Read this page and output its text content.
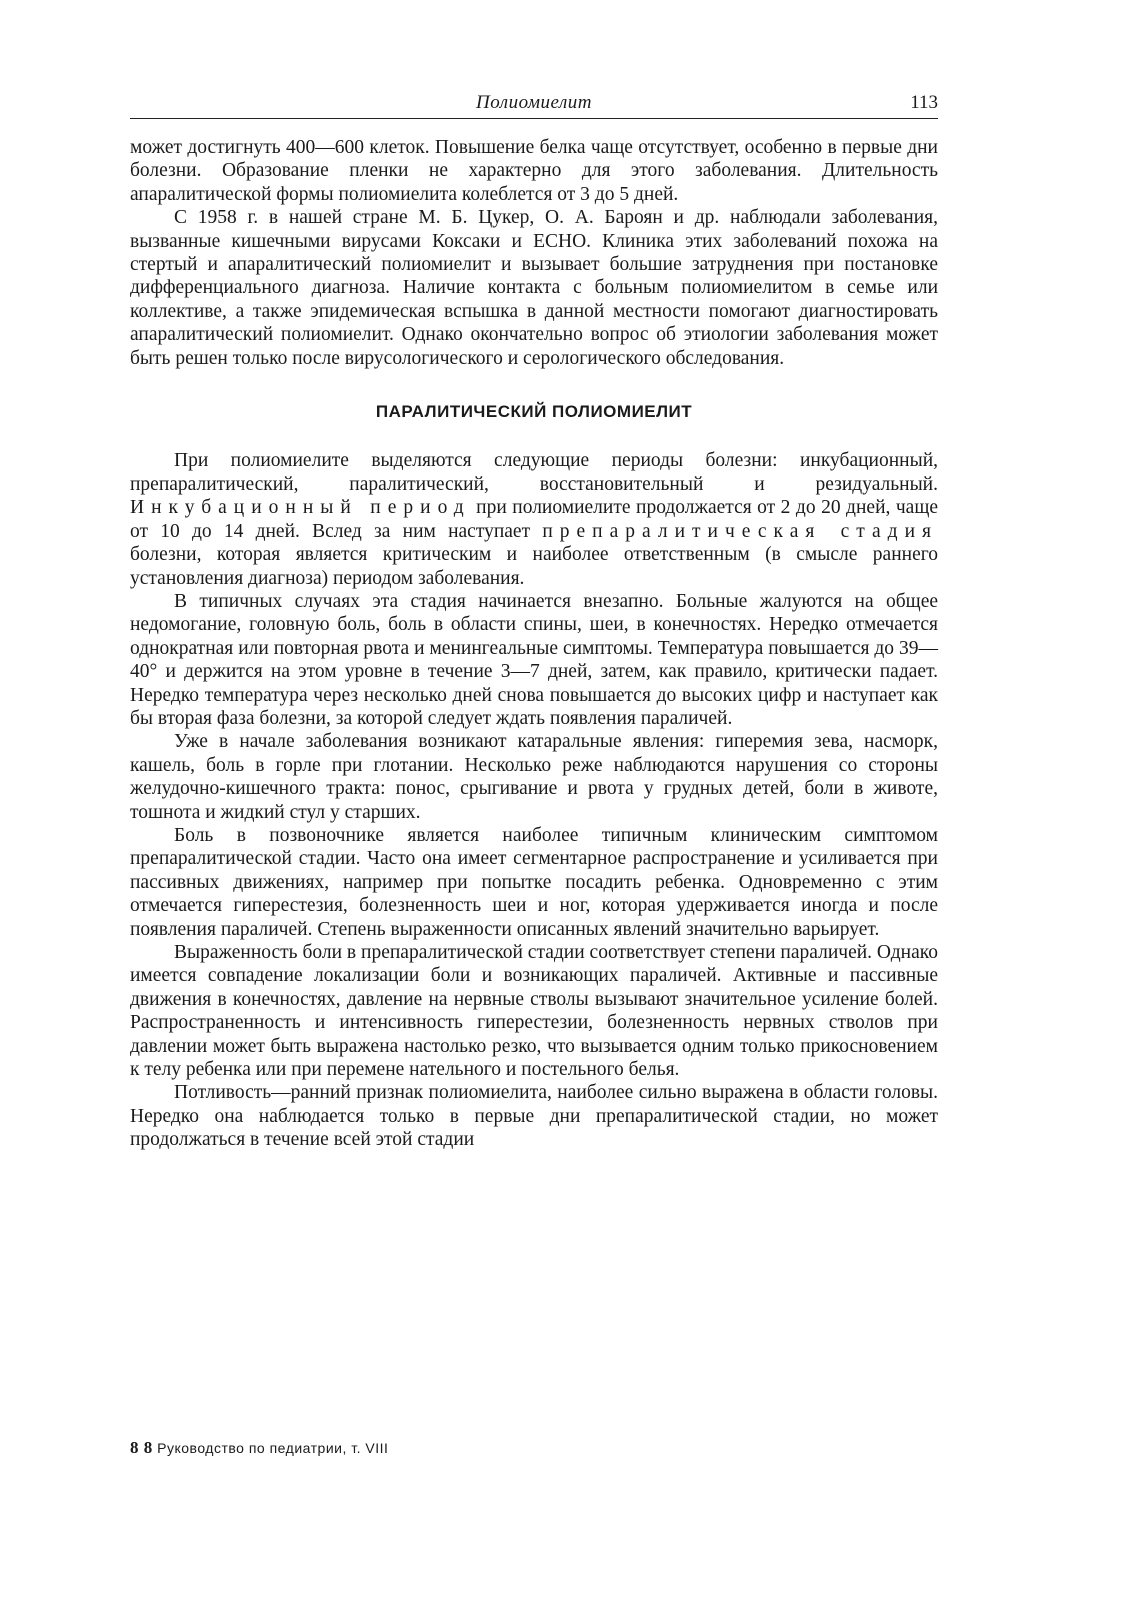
Полиомиелит	113

может достигнуть 400—600 клеток. Повышение белка чаще отсутствует, особенно в первые дни болезни. Образование пленки не характерно для этого заболевания. Длительность апаралитической формы полиомиелита колеблется от 3 до 5 дней.

С 1958 г. в нашей стране М. Б. Цукер, О. А. Бароян и др. наблюдали заболевания, вызванные кишечными вирусами Коксаки и ECHO. Клиника этих заболеваний похожа на стертый и апаралитический полиомиелит и вызывает большие затруднения при постановке дифференциального диагноза. Наличие контакта с больным полиомиелитом в семье или коллективе, а также эпидемическая вспышка в данной местности помогают диагностировать апаралитический полиомиелит. Однако окончательно вопрос об этиологии заболевания может быть решен только после вирусологического и серологического обследования.

ПАРАЛИТИЧЕСКИЙ ПОЛИОМИЕЛИТ

При полиомиелите выделяются следующие периоды болезни: инкубационный, препаралитический, паралитический, восстановительный и резидуальный. Инкубационный период при полиомиелите продолжается от 2 до 20 дней, чаще от 10 до 14 дней. Вслед за ним наступает препаралитическая стадия болезни, которая является критическим и наиболее ответственным (в смысле раннего установления диагноза) периодом заболевания.

В типичных случаях эта стадия начинается внезапно. Больные жалуются на общее недомогание, головную боль, боль в области спины, шеи, в конечностях. Нередко отмечается однократная или повторная рвота и менингеальные симптомы. Температура повышается до 39—40° и держится на этом уровне в течение 3—7 дней, затем, как правило, критически падает. Нередко температура через несколько дней снова повышается до высоких цифр и наступает как бы вторая фаза болезни, за которой следует ждать появления параличей.

Уже в начале заболевания возникают катаральные явления: гиперемия зева, насморк, кашель, боль в горле при глотании. Несколько реже наблюдаются нарушения со стороны желудочно-кишечного тракта: понос, срыгивание и рвота у грудных детей, боли в животе, тошнота и жидкий стул у старших.

Боль в позвоночнике является наиболее типичным клиническим симптомом препаралитической стадии. Часто она имеет сегментарное распространение и усиливается при пассивных движениях, например при попытке посадить ребенка. Одновременно с этим отмечается гиперестезия, болезненность шеи и ног, которая удерживается иногда и после появления параличей. Степень выраженности описанных явлений значительно варьирует.

Выраженность боли в препаралитической стадии соответствует степени параличей. Однако имеется совпадение локализации боли и возникающих параличей. Активные и пассивные движения в конечностях, давление на нервные стволы вызывают значительное усиление болей. Распространенность и интенсивность гиперестезии, болезненность нервных стволов при давлении может быть выражена настолько резко, что вызывается одним только прикосновением к телу ребенка или при перемене нательного и постельного белья.

Потливость—ранний признак полиомиелита, наиболее сильно выражена в области головы. Нередко она наблюдается только в первые дни препаралитической стадии, но может продолжаться в течение всей этой стадии

8 8 Руководство по педиатрии, т. VIII
